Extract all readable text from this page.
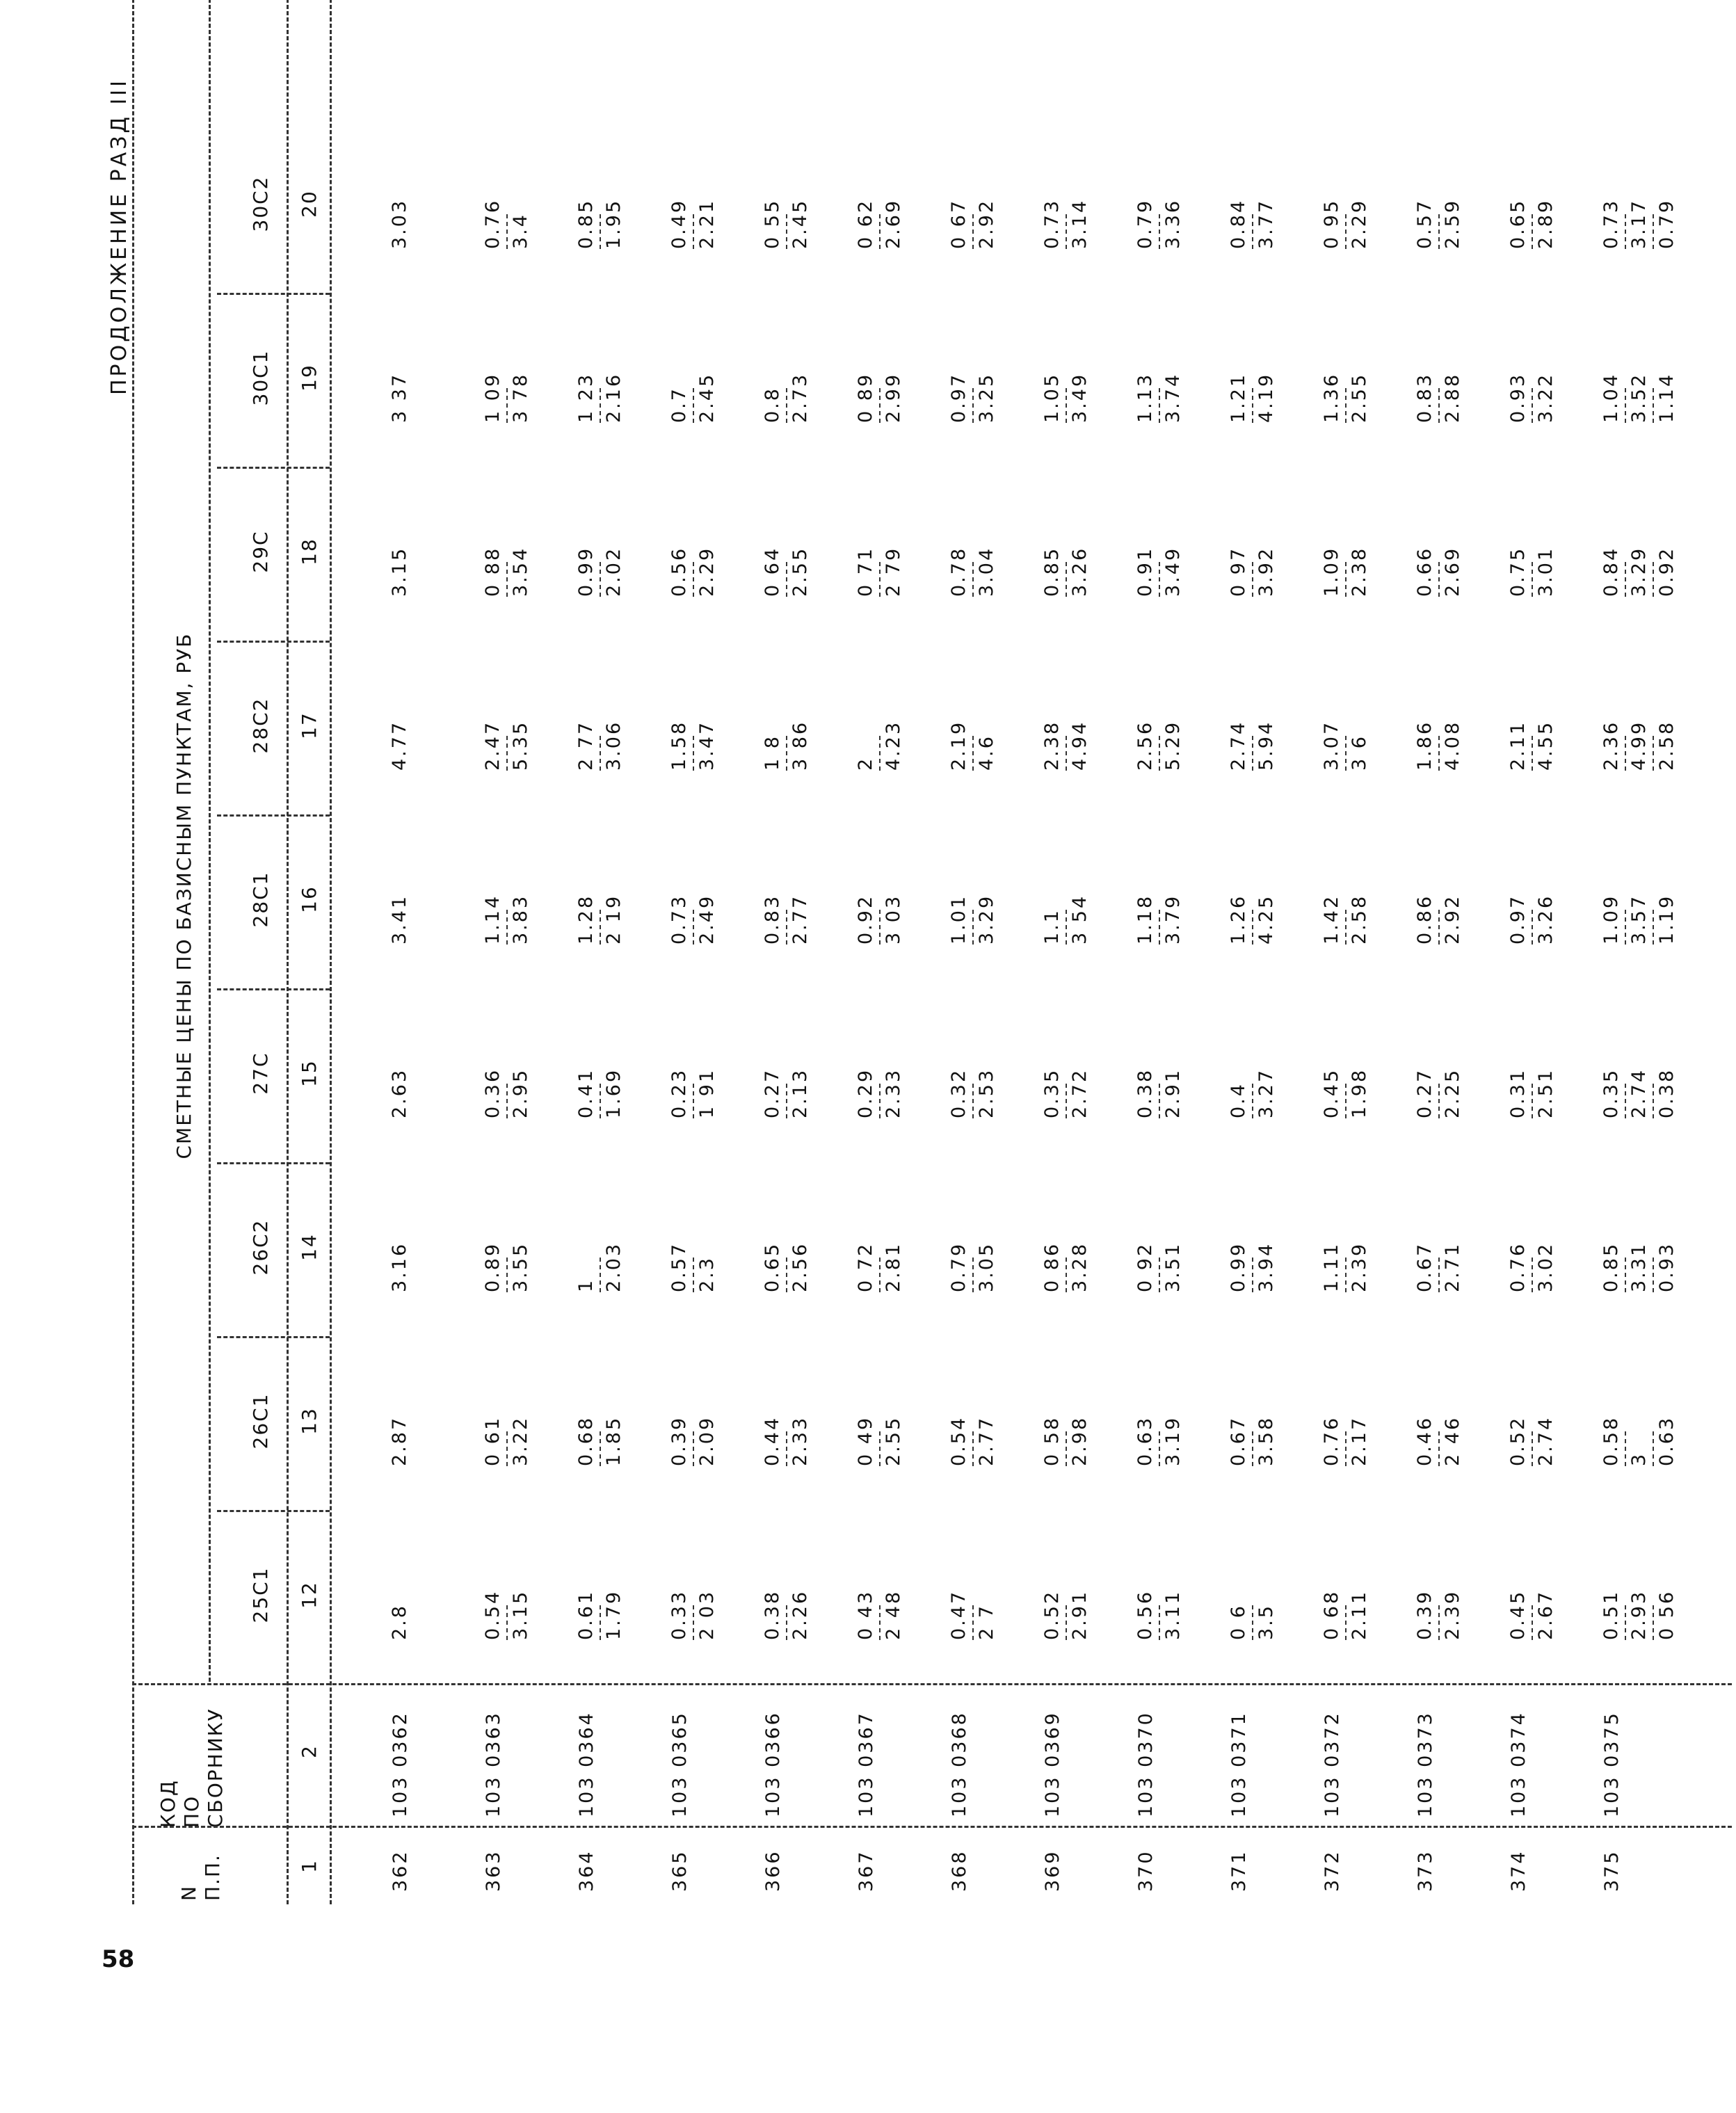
58
ПРОДОЛЖЕНИЕ РАЗД III
N
П.П.
КОД
ПО
СБОРНИКУ
СМЕТНЫЕ ЦЕНЫ ПО БАЗИСНЫМ ПУНКТАМ, РУБ
25С1
26С1
26С2
27С
28С1
28С2
29С
30С1
30С2
1
2
12
13
14
15
16
17
18
19
20
362
103 0362
2.8
2.87
3.16
2.63
3.41
4.77
3.15
3 37
3.03
363
103 0363
0.54 3.15
0 61 3.22
0.89 3.55
0.36 2.95
1.14 3.83
2.47 5.35
0 88 3.54
1 09 3 78
0.76 3.4
364
103 0364
0.61 1.79
0.68 1.85
1 2.03
0.41 1.69
1.28 2 19
2 77 3.06
0.99 2.02
1 23 2.16
0.85 1.95
365
103 0365
0.33 2 03
0.39 2.09
0.57 2.3
0.23 1 91
0.73 2.49
1.58 3.47
0.56 2.29
0.7 2.45
0.49 2.21
366
103 0366
0.38 2.26
0.44 2.33
0.65 2.56
0.27 2.13
0.83 2.77
1 8 3 86
0 64 2.55
0.8 2.73
0 55 2.45
367
103 0367
0 43 2 48
0 49 2.55
0 72 2.81
0.29 2.33
0.92 3 03
2 4.23
0 71 2 79
0 89 2.99
0 62 2.69
368
103 0368
0.47 2 7
0.54 2.77
0.79 3.05
0.32 2.53
1.01 3.29
2.19 4.6
0.78 3.04
0.97 3.25
0 67 2.92
369
103 0369
0.52 2.91
0 58 2.98
0 86 3.28
0.35 2.72
1.1 3 54
2.38 4.94
0.85 3.26
1.05 3.49
0.73 3.14
370
103 0370
0.56 3.11
0.63 3.19
0 92 3.51
0.38 2.91
1.18 3.79
2.56 5.29
0.91 3.49
1.13 3.74
0.79 3.36
371
103 0371
0 6 3.5
0.67 3.58
0.99 3.94
0.4 3.27
1.26 4.25
2.74 5.94
0 97 3.92
1.21 4.19
0.84 3.77
372
103 0372
0 68 2.11
0.76 2.17
1.11 2.39
0.45 1.98
1.42 2.58
3.07 3 6
1.09 2.38
1.36 2.55
0 95 2.29
373
103 0373
0.39 2.39
0.46 2 46
0.67 2.71
0.27 2.25
0.86 2.92
1.86 4.08
0.66 2.69
0.83 2.88
0.57 2.59
374
103 0374
0.45 2.67
0.52 2.74
0.76 3.02
0.31 2.51
0.97 3.26
2.11 4.55
0.75 3.01
0.93 3.22
0.65 2.89
375
103 0375
0.51 2.93 0 56
0.58 3 0.63
0.85 3.31 0.93
0.35 2.74 0.38
1.09 3.57 1.19
2.36 4.99 2.58
0.84 3.29 0.92
1.04 3.52 1.14
0.73 3.17 0.79
